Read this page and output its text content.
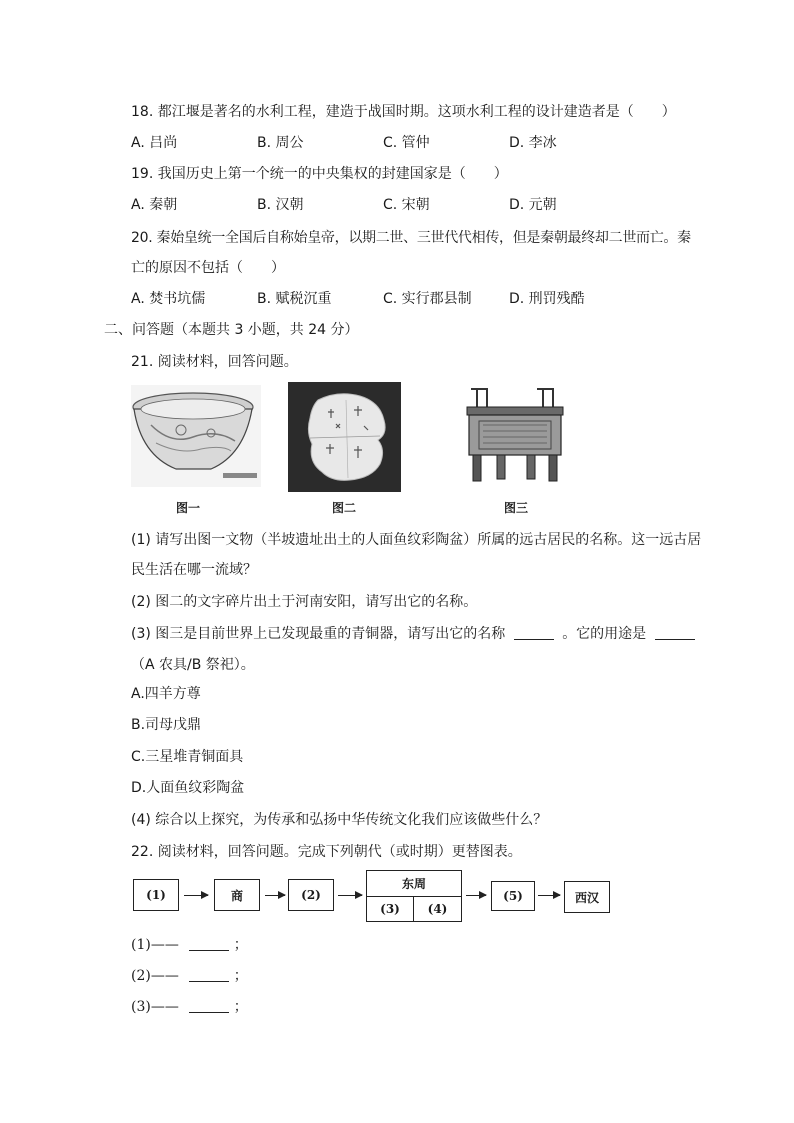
18. 都江堰是著名的水利工程，建造于战国时期。这项水利工程的设计建造者是（　　）
A. 吕尚	B. 周公	C. 管仲	D. 李冰
19. 我国历史上第一个统一的中央集权的封建国家是（　　）
A. 秦朝	B. 汉朝	C. 宋朝	D. 元朝
20. 秦始皇统一全国后自称始皇帝，以期二世、三世代代相传，但是秦朝最终却二世而亡。秦
亡的原因不包括（　　）
A. 焚书坑儒	B. 赋税沉重	C. 实行郡县制	D. 刑罚残酷
二、问答题（本题共 3 小题，共 24 分）
21. 阅读材料，回答问题。
图一	图二	图三
(1) 请写出图一文物（半坡遗址出土的人面鱼纹彩陶盆）所属的远古居民的名称。这一远古居
民生活在哪一流域？
(2) 图二的文字碎片出土于河南安阳，请写出它的名称。
(3) 图三是目前世界上已发现最重的青铜器，请写出它的名称	。它的用途是
（A 农具/B 祭祀）。
A.四羊方尊
B.司母戊鼎
C.三星堆青铜面具
D.人面鱼纹彩陶盆
(4) 综合以上探究，为传承和弘扬中华传统文化我们应该做些什么？
22. 阅读材料，回答问题。完成下列朝代（或时期）更替图表。
(1)	商	(2)
东周
(3)	(4)
(5)	西汉
(1)——	；
(2)——	；
(3)——	；
